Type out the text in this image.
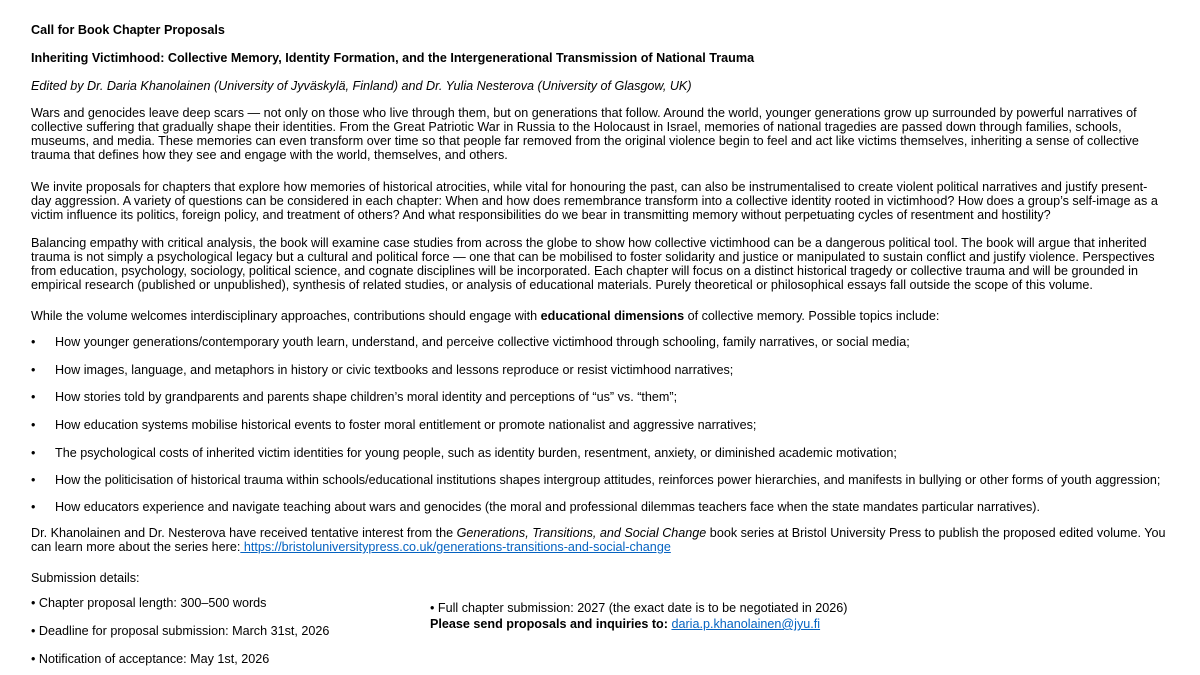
Call for Book Chapter Proposals

Inheriting Victimhood: Collective Memory, Identity Formation, and the Intergenerational Transmission of National Trauma

Edited by Dr. Daria Khanolainen (University of Jyväskylä, Finland) and Dr. Yulia Nesterova (University of Glasgow, UK)

Wars and genocides leave deep scars — not only on those who live through them, but on generations that follow. Around the world, younger generations grow up surrounded by powerful narratives of

collective suffering that gradually shape their identities. From the Great Patriotic War in Russia to the Holocaust in Israel, memories of national tragedies are passed down through families, schools,

museums, and media. These memories can even transform over time so that people far removed from the original violence begin to feel and act like victims themselves, inheriting a sense of collective

trauma that defines how they see and engage with the world, themselves, and others.

We invite proposals for chapters that explore how memories of historical atrocities, while vital for honouring the past, can also be instrumentalised to create violent political narratives and justify present-

day aggression. A variety of questions can be considered in each chapter: When and how does remembrance transform into a collective identity rooted in victimhood? How does a group’s self-image as a

victim influence its politics, foreign policy, and treatment of others? And what responsibilities do we bear in transmitting memory without perpetuating cycles of resentment and hostility?

Balancing empathy with critical analysis, the book will examine case studies from across the globe to show how collective victimhood can be a dangerous political tool. The book will argue that inherited

trauma is not simply a psychological legacy but a cultural and political force — one that can be mobilised to foster solidarity and justice or manipulated to sustain conflict and justify violence. Perspectives

from education, psychology, sociology, political science, and cognate disciplines will be incorporated. Each chapter will focus on a distinct historical tragedy or collective trauma and will be grounded in

empirical research (published or unpublished), synthesis of related studies, or analysis of educational materials. Purely theoretical or philosophical essays fall outside the scope of this volume.

While the volume welcomes interdisciplinary approaches, contributions should engage with educational dimensions of collective memory. Possible topics include:

• How younger generations/contemporary youth learn, understand, and perceive collective victimhood through schooling, family narratives, or social media;
• How images, language, and metaphors in history or civic textbooks and lessons reproduce or resist victimhood narratives;
• How stories told by grandparents and parents shape children’s moral identity and perceptions of “us” vs. “them”;
• How education systems mobilise historical events to foster moral entitlement or promote nationalist and aggressive narratives;
• The psychological costs of inherited victim identities for young people, such as identity burden, resentment, anxiety, or diminished academic motivation;
• How the politicisation of historical trauma within schools/educational institutions shapes intergroup attitudes, reinforces power hierarchies, and manifests in bullying or other forms of youth aggression;
• How educators experience and navigate teaching about wars and genocides (the moral and professional dilemmas teachers face when the state mandates particular narratives).

Dr. Khanolainen and Dr. Nesterova have received tentative interest from the Generations, Transitions, and Social Change book series at Bristol University Press to publish the proposed edited volume. You

can learn more about the series here: https://bristoluniversitypress.co.uk/generations-transitions-and-social-change

Submission details:

• Chapter proposal length: 300–500 words

• Deadline for proposal submission: March 31st, 2026

• Notification of acceptance: May 1st, 2026

• Full chapter submission: 2027 (the exact date is to be negotiated in 2026)

Please send proposals and inquiries to: daria.p.khanolainen@jyu.fi
